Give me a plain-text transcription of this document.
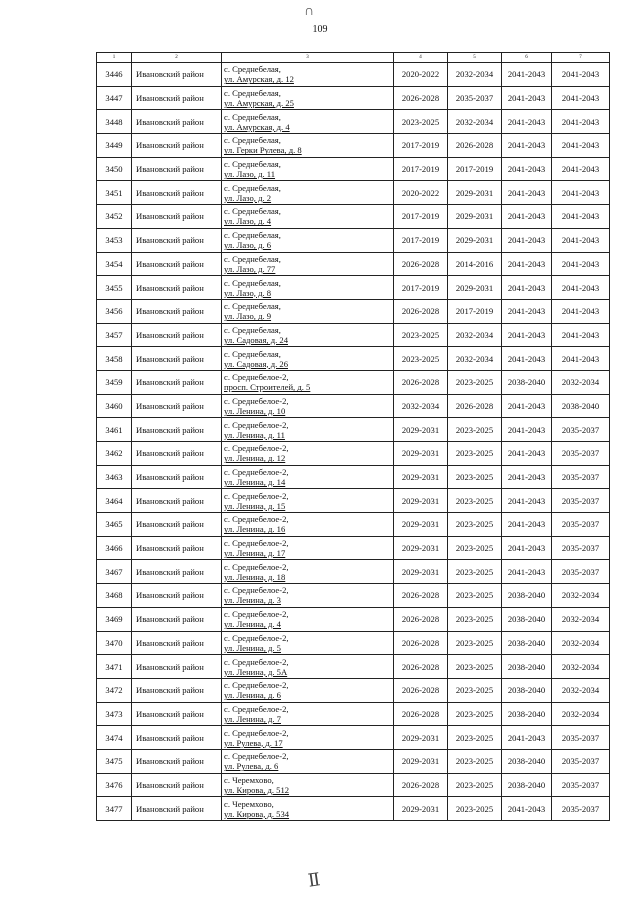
∩
109
1	2	3	4	5	6	7
3446	Ивановский район	с. Среднебелая,
ул. Амурская, д. 12	2020-2022	2032-2034	2041-2043	2041-2043
3447	Ивановский район	с. Среднебелая,
ул. Амурская, д. 25	2026-2028	2035-2037	2041-2043	2041-2043
3448	Ивановский район	с. Среднебелая,
ул. Амурская, д. 4	2023-2025	2032-2034	2041-2043	2041-2043
3449	Ивановский район	с. Среднебелая,
ул. Герки Рулева, д. 8	2017-2019	2026-2028	2041-2043	2041-2043
3450	Ивановский район	с. Среднебелая,
ул. Лазо, д. 11	2017-2019	2017-2019	2041-2043	2041-2043
3451	Ивановский район	с. Среднебелая,
ул. Лазо, д. 2	2020-2022	2029-2031	2041-2043	2041-2043
3452	Ивановский район	с. Среднебелая,
ул. Лазо, д. 4	2017-2019	2029-2031	2041-2043	2041-2043
3453	Ивановский район	с. Среднебелая,
ул. Лазо, д. 6	2017-2019	2029-2031	2041-2043	2041-2043
3454	Ивановский район	с. Среднебелая,
ул. Лазо, д. 77	2026-2028	2014-2016	2041-2043	2041-2043
3455	Ивановский район	с. Среднебелая,
ул. Лазо, д. 8	2017-2019	2029-2031	2041-2043	2041-2043
3456	Ивановский район	с. Среднебелая,
ул. Лазо, д. 9	2026-2028	2017-2019	2041-2043	2041-2043
3457	Ивановский район	с. Среднебелая,
ул. Садовая, д. 24	2023-2025	2032-2034	2041-2043	2041-2043
3458	Ивановский район	с. Среднебелая,
ул. Садовая, д. 26	2023-2025	2032-2034	2041-2043	2041-2043
3459	Ивановский район	с. Среднебелое-2,
просп. Строителей, д. 5	2026-2028	2023-2025	2038-2040	2032-2034
3460	Ивановский район	с. Среднебелое-2,
ул. Ленина, д. 10	2032-2034	2026-2028	2041-2043	2038-2040
3461	Ивановский район	с. Среднебелое-2,
ул. Ленина, д. 11	2029-2031	2023-2025	2041-2043	2035-2037
3462	Ивановский район	с. Среднебелое-2,
ул. Ленина, д. 12	2029-2031	2023-2025	2041-2043	2035-2037
3463	Ивановский район	с. Среднебелое-2,
ул. Ленина, д. 14	2029-2031	2023-2025	2041-2043	2035-2037
3464	Ивановский район	с. Среднебелое-2,
ул. Ленина, д. 15	2029-2031	2023-2025	2041-2043	2035-2037
3465	Ивановский район	с. Среднебелое-2,
ул. Ленина, д. 16	2029-2031	2023-2025	2041-2043	2035-2037
3466	Ивановский район	с. Среднебелое-2,
ул. Ленина, д. 17	2029-2031	2023-2025	2041-2043	2035-2037
3467	Ивановский район	с. Среднебелое-2,
ул. Ленина, д. 18	2029-2031	2023-2025	2041-2043	2035-2037
3468	Ивановский район	с. Среднебелое-2,
ул. Ленина, д. 3	2026-2028	2023-2025	2038-2040	2032-2034
3469	Ивановский район	с. Среднебелое-2,
ул. Ленина, д. 4	2026-2028	2023-2025	2038-2040	2032-2034
3470	Ивановский район	с. Среднебелое-2,
ул. Ленина, д. 5	2026-2028	2023-2025	2038-2040	2032-2034
3471	Ивановский район	с. Среднебелое-2,
ул. Ленина, д. 5А	2026-2028	2023-2025	2038-2040	2032-2034
3472	Ивановский район	с. Среднебелое-2,
ул. Ленина, д. 6	2026-2028	2023-2025	2038-2040	2032-2034
3473	Ивановский район	с. Среднебелое-2,
ул. Ленина, д. 7	2026-2028	2023-2025	2038-2040	2032-2034
3474	Ивановский район	с. Среднебелое-2,
ул. Рулева, д. 17	2029-2031	2023-2025	2041-2043	2035-2037
3475	Ивановский район	с. Среднебелое-2,
ул. Рулева, д. 6	2029-2031	2023-2025	2038-2040	2035-2037
3476	Ивановский район	с. Черемхово,
ул. Кирова, д. 512	2026-2028	2023-2025	2038-2040	2035-2037
3477	Ивановский район	с. Черемхово,
ул. Кирова, д. 534	2029-2031	2023-2025	2041-2043	2035-2037
Ⅱ
